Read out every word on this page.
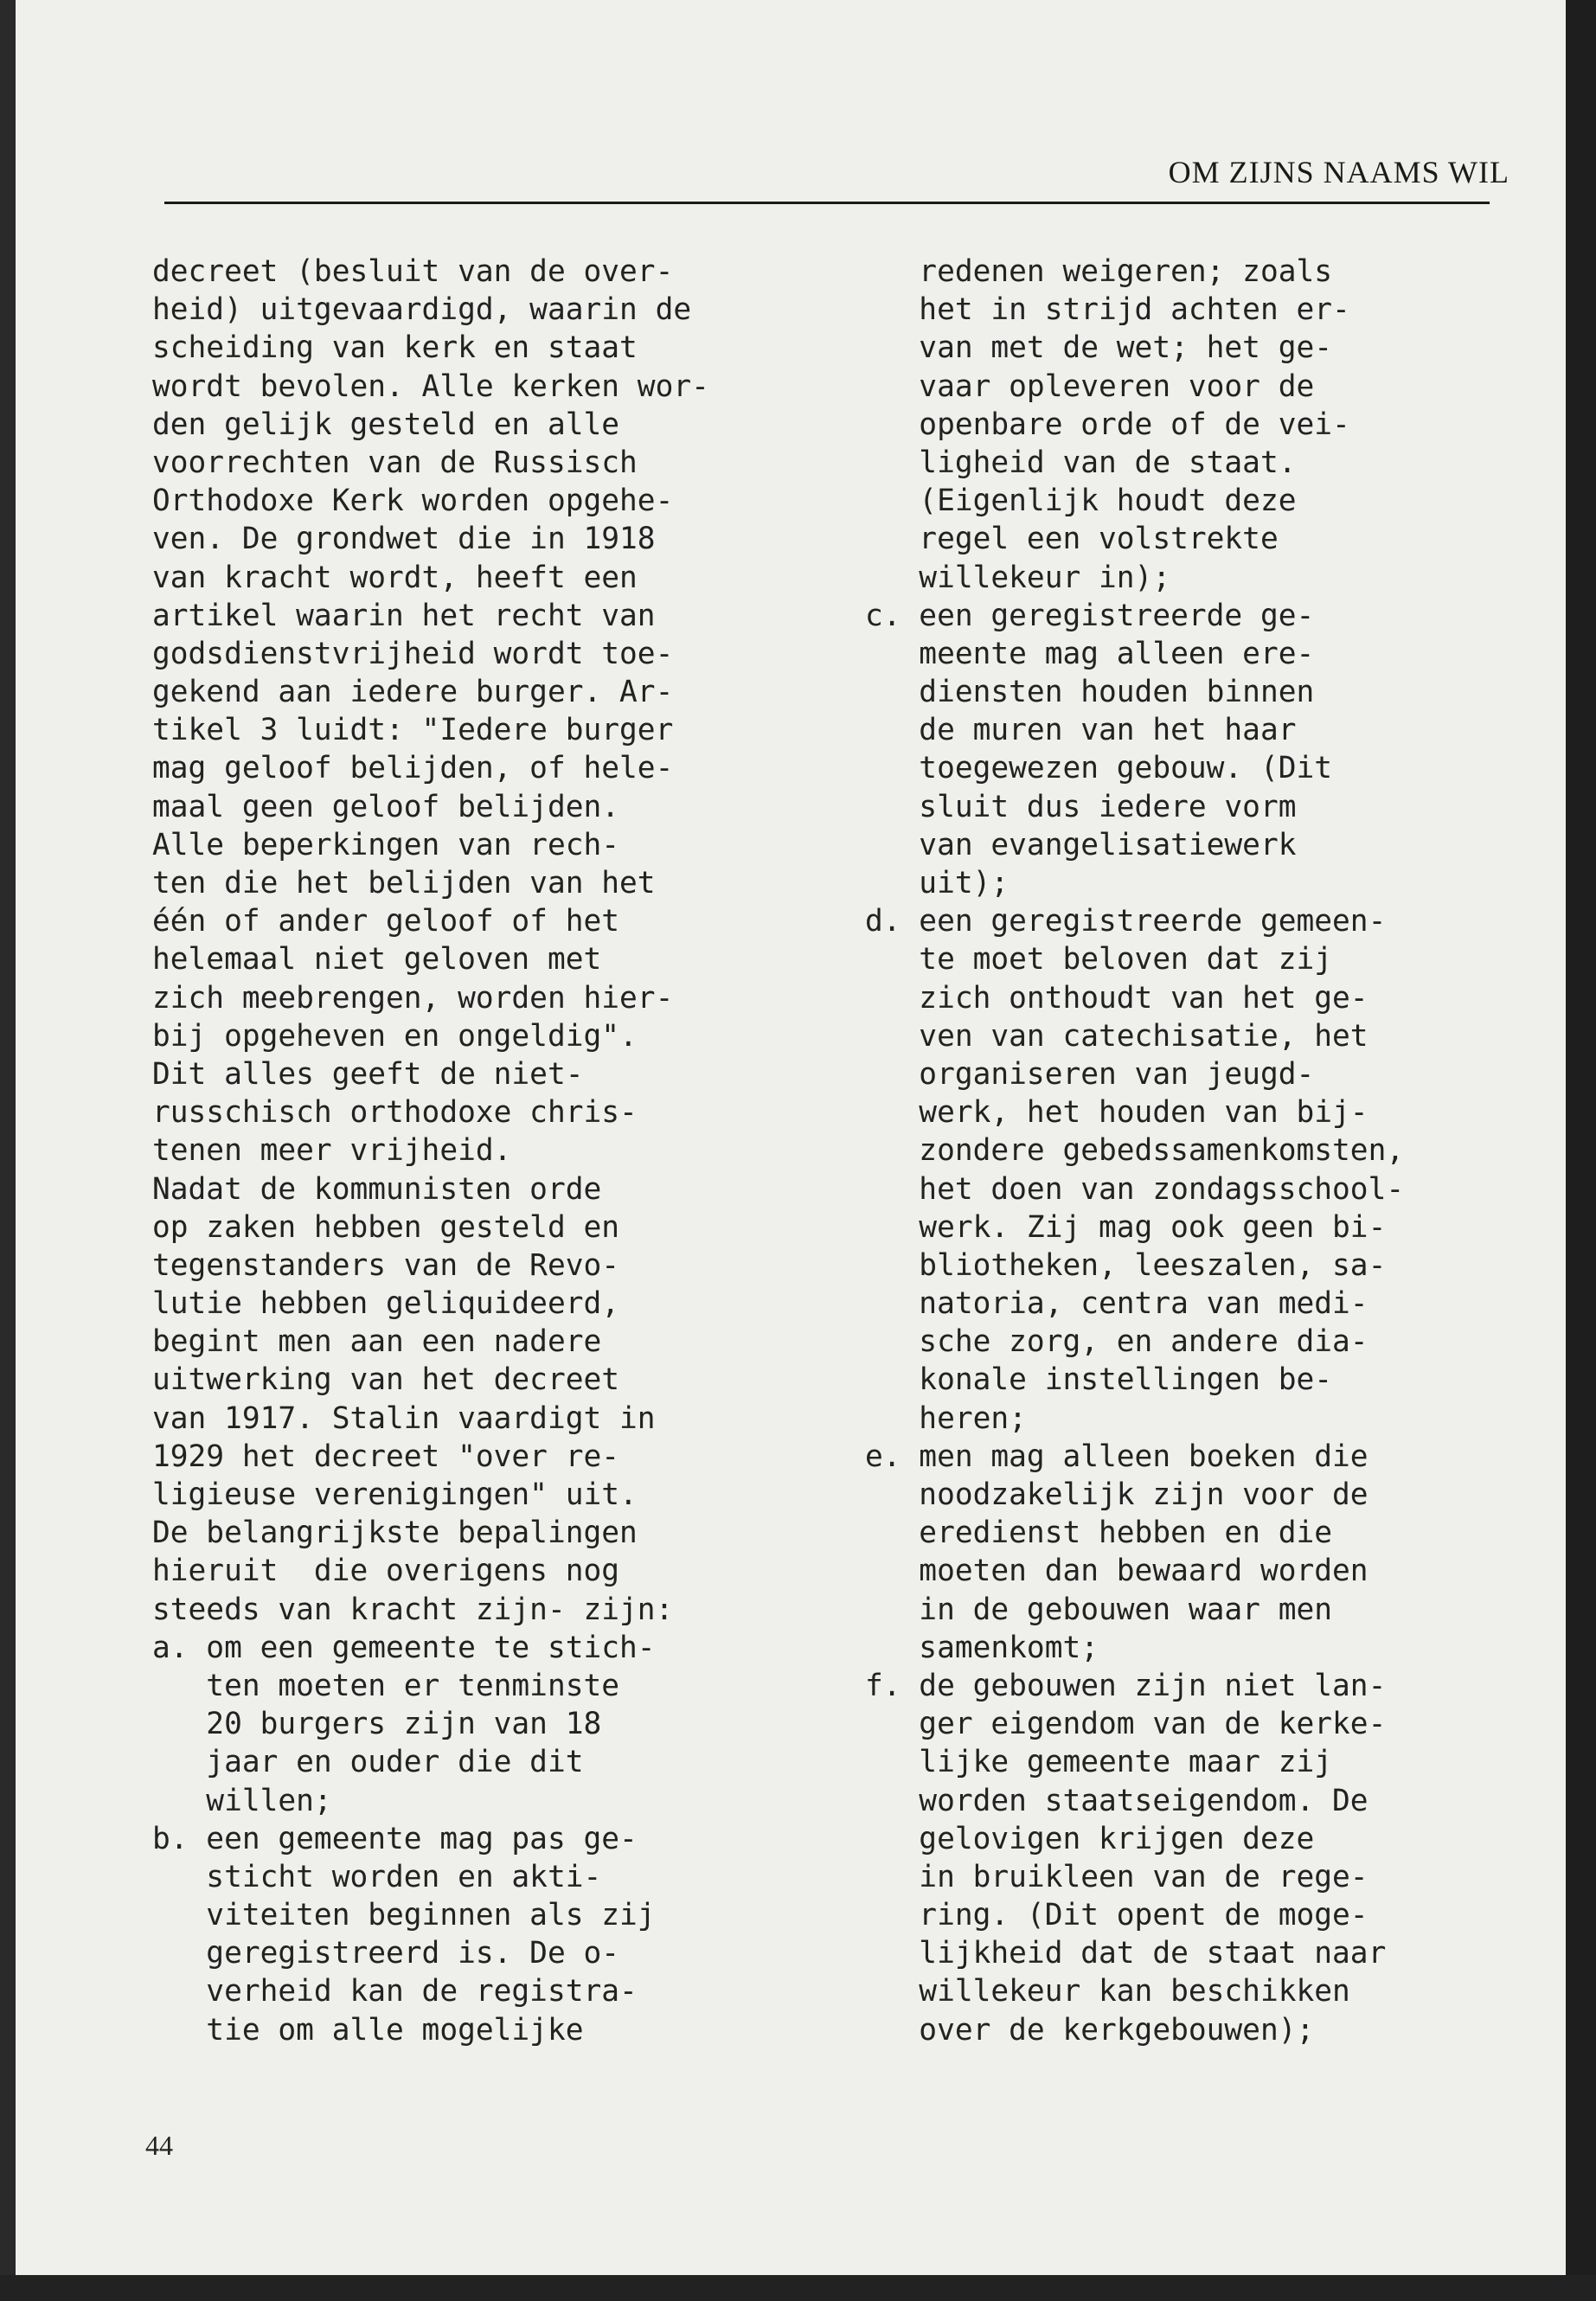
OM ZIJNS NAAMS WIL
decreet (besluit van de over-
heid) uitgevaardigd, waarin de
scheiding van kerk en staat
wordt bevolen. Alle kerken wor-
den gelijk gesteld en alle
voorrechten van de Russisch
Orthodoxe Kerk worden opgehe-
ven. De grondwet die in 1918
van kracht wordt, heeft een
artikel waarin het recht van
godsdienstvrijheid wordt toe-
gekend aan iedere burger. Ar-
tikel 3 luidt: "Iedere burger
mag geloof belijden, of hele-
maal geen geloof belijden.
Alle beperkingen van rech-
ten die het belijden van het
één of ander geloof of het
helemaal niet geloven met
zich meebrengen, worden hier-
bij opgeheven en ongeldig".
Dit alles geeft de niet-
russchisch orthodoxe chris-
tenen meer vrijheid.
Nadat de kommunisten orde
op zaken hebben gesteld en
tegenstanders van de Revo-
lutie hebben geliquideerd,
begint men aan een nadere
uitwerking van het decreet
van 1917. Stalin vaardigt in
1929 het decreet "over re-
ligieuse verenigingen" uit.
De belangrijkste bepalingen
hieruit  die overigens nog
steeds van kracht zijn- zijn:
a. om een gemeente te stich-
ten moeten er tenminste
20 burgers zijn van 18
jaar en ouder die dit
willen;
b. een gemeente mag pas ge-
sticht worden en akti-
viteiten beginnen als zij
geregistreerd is. De o-
verheid kan de registra-
tie om alle mogelijke
redenen weigeren; zoals
het in strijd achten er-
van met de wet; het ge-
vaar opleveren voor de
openbare orde of de vei-
ligheid van de staat.
(Eigenlijk houdt deze
regel een volstrekte
willekeur in);
c. een geregistreerde ge-
meente mag alleen ere-
diensten houden binnen
de muren van het haar
toegewezen gebouw. (Dit
sluit dus iedere vorm
van evangelisatiewerk
uit);
d. een geregistreerde gemeen-
te moet beloven dat zij
zich onthoudt van het ge-
ven van catechisatie, het
organiseren van jeugd-
werk, het houden van bij-
zondere gebedssamenkomsten,
het doen van zondagsschool-
werk. Zij mag ook geen bi-
bliotheken, leeszalen, sa-
natoria, centra van medi-
sche zorg, en andere dia-
konale instellingen be-
heren;
e. men mag alleen boeken die
noodzakelijk zijn voor de
eredienst hebben en die
moeten dan bewaard worden
in de gebouwen waar men
samenkomt;
f. de gebouwen zijn niet lan-
ger eigendom van de kerke-
lijke gemeente maar zij
worden staatseigendom. De
gelovigen krijgen deze
in bruikleen van de rege-
ring. (Dit opent de moge-
lijkheid dat de staat naar
willekeur kan beschikken
over de kerkgebouwen);
44
